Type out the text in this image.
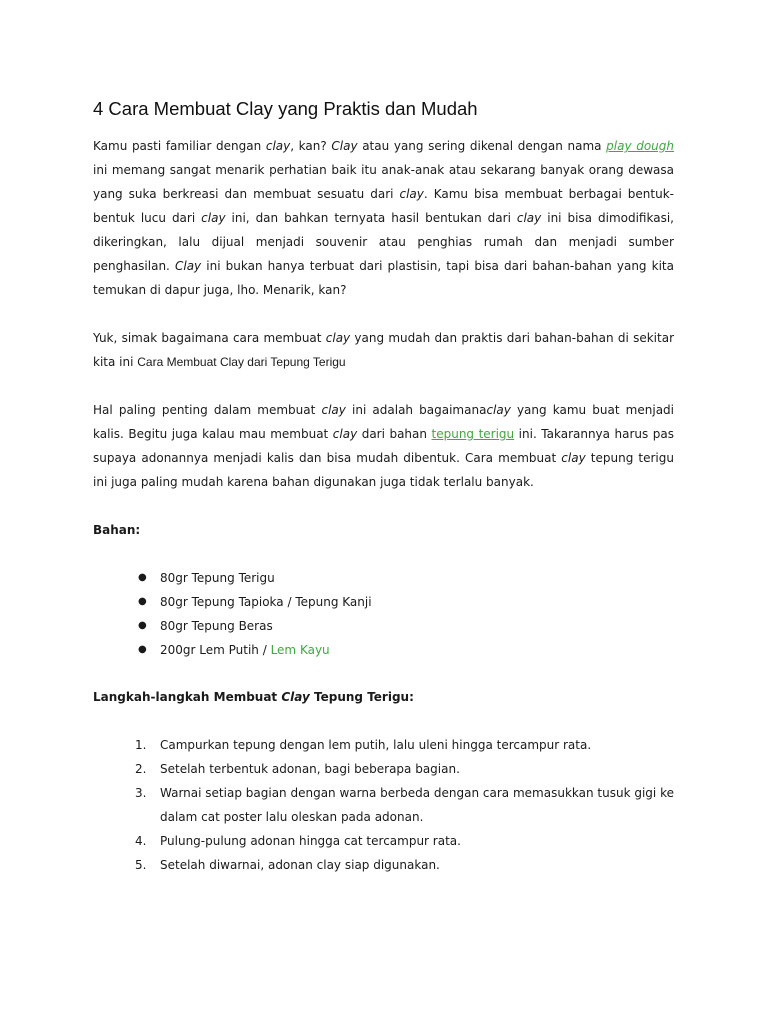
4 Cara Membuat Clay yang Praktis dan Mudah

Kamu pasti familiar dengan clay, kan? Clay atau yang sering dikenal dengan nama play dough ini memang sangat menarik perhatian baik itu anak-anak atau sekarang banyak orang dewasa yang suka berkreasi dan membuat sesuatu dari clay. Kamu bisa membuat berbagai bentuk-bentuk lucu dari clay ini, dan bahkan ternyata hasil bentukan dari clay ini bisa dimodifikasi, dikeringkan, lalu dijual menjadi souvenir atau penghias rumah dan menjadi sumber penghasilan. Clay ini bukan hanya terbuat dari plastisin, tapi bisa dari bahan-bahan yang kita temukan di dapur juga, lho. Menarik, kan?

Yuk, simak bagaimana cara membuat clay yang mudah dan praktis dari bahan-bahan di sekitar kita ini Cara Membuat Clay dari Tepung Terigu

Hal paling penting dalam membuat clay ini adalah bagaimanaclay yang kamu buat menjadi kalis. Begitu juga kalau mau membuat clay dari bahan tepung terigu ini. Takarannya harus pas supaya adonannya menjadi kalis dan bisa mudah dibentuk. Cara membuat clay tepung terigu ini juga paling mudah karena bahan digunakan juga tidak terlalu banyak.

Bahan:

● 80gr Tepung Terigu
● 80gr Tepung Tapioka / Tepung Kanji
● 80gr Tepung Beras
● 200gr Lem Putih / Lem Kayu

Langkah-langkah Membuat Clay Tepung Terigu:

1. Campurkan tepung dengan lem putih, lalu uleni hingga tercampur rata.
2. Setelah terbentuk adonan, bagi beberapa bagian.
3. Warnai setiap bagian dengan warna berbeda dengan cara memasukkan tusuk gigi ke dalam cat poster lalu oleskan pada adonan.
4. Pulung-pulung adonan hingga cat tercampur rata.
5. Setelah diwarnai, adonan clay siap digunakan.
